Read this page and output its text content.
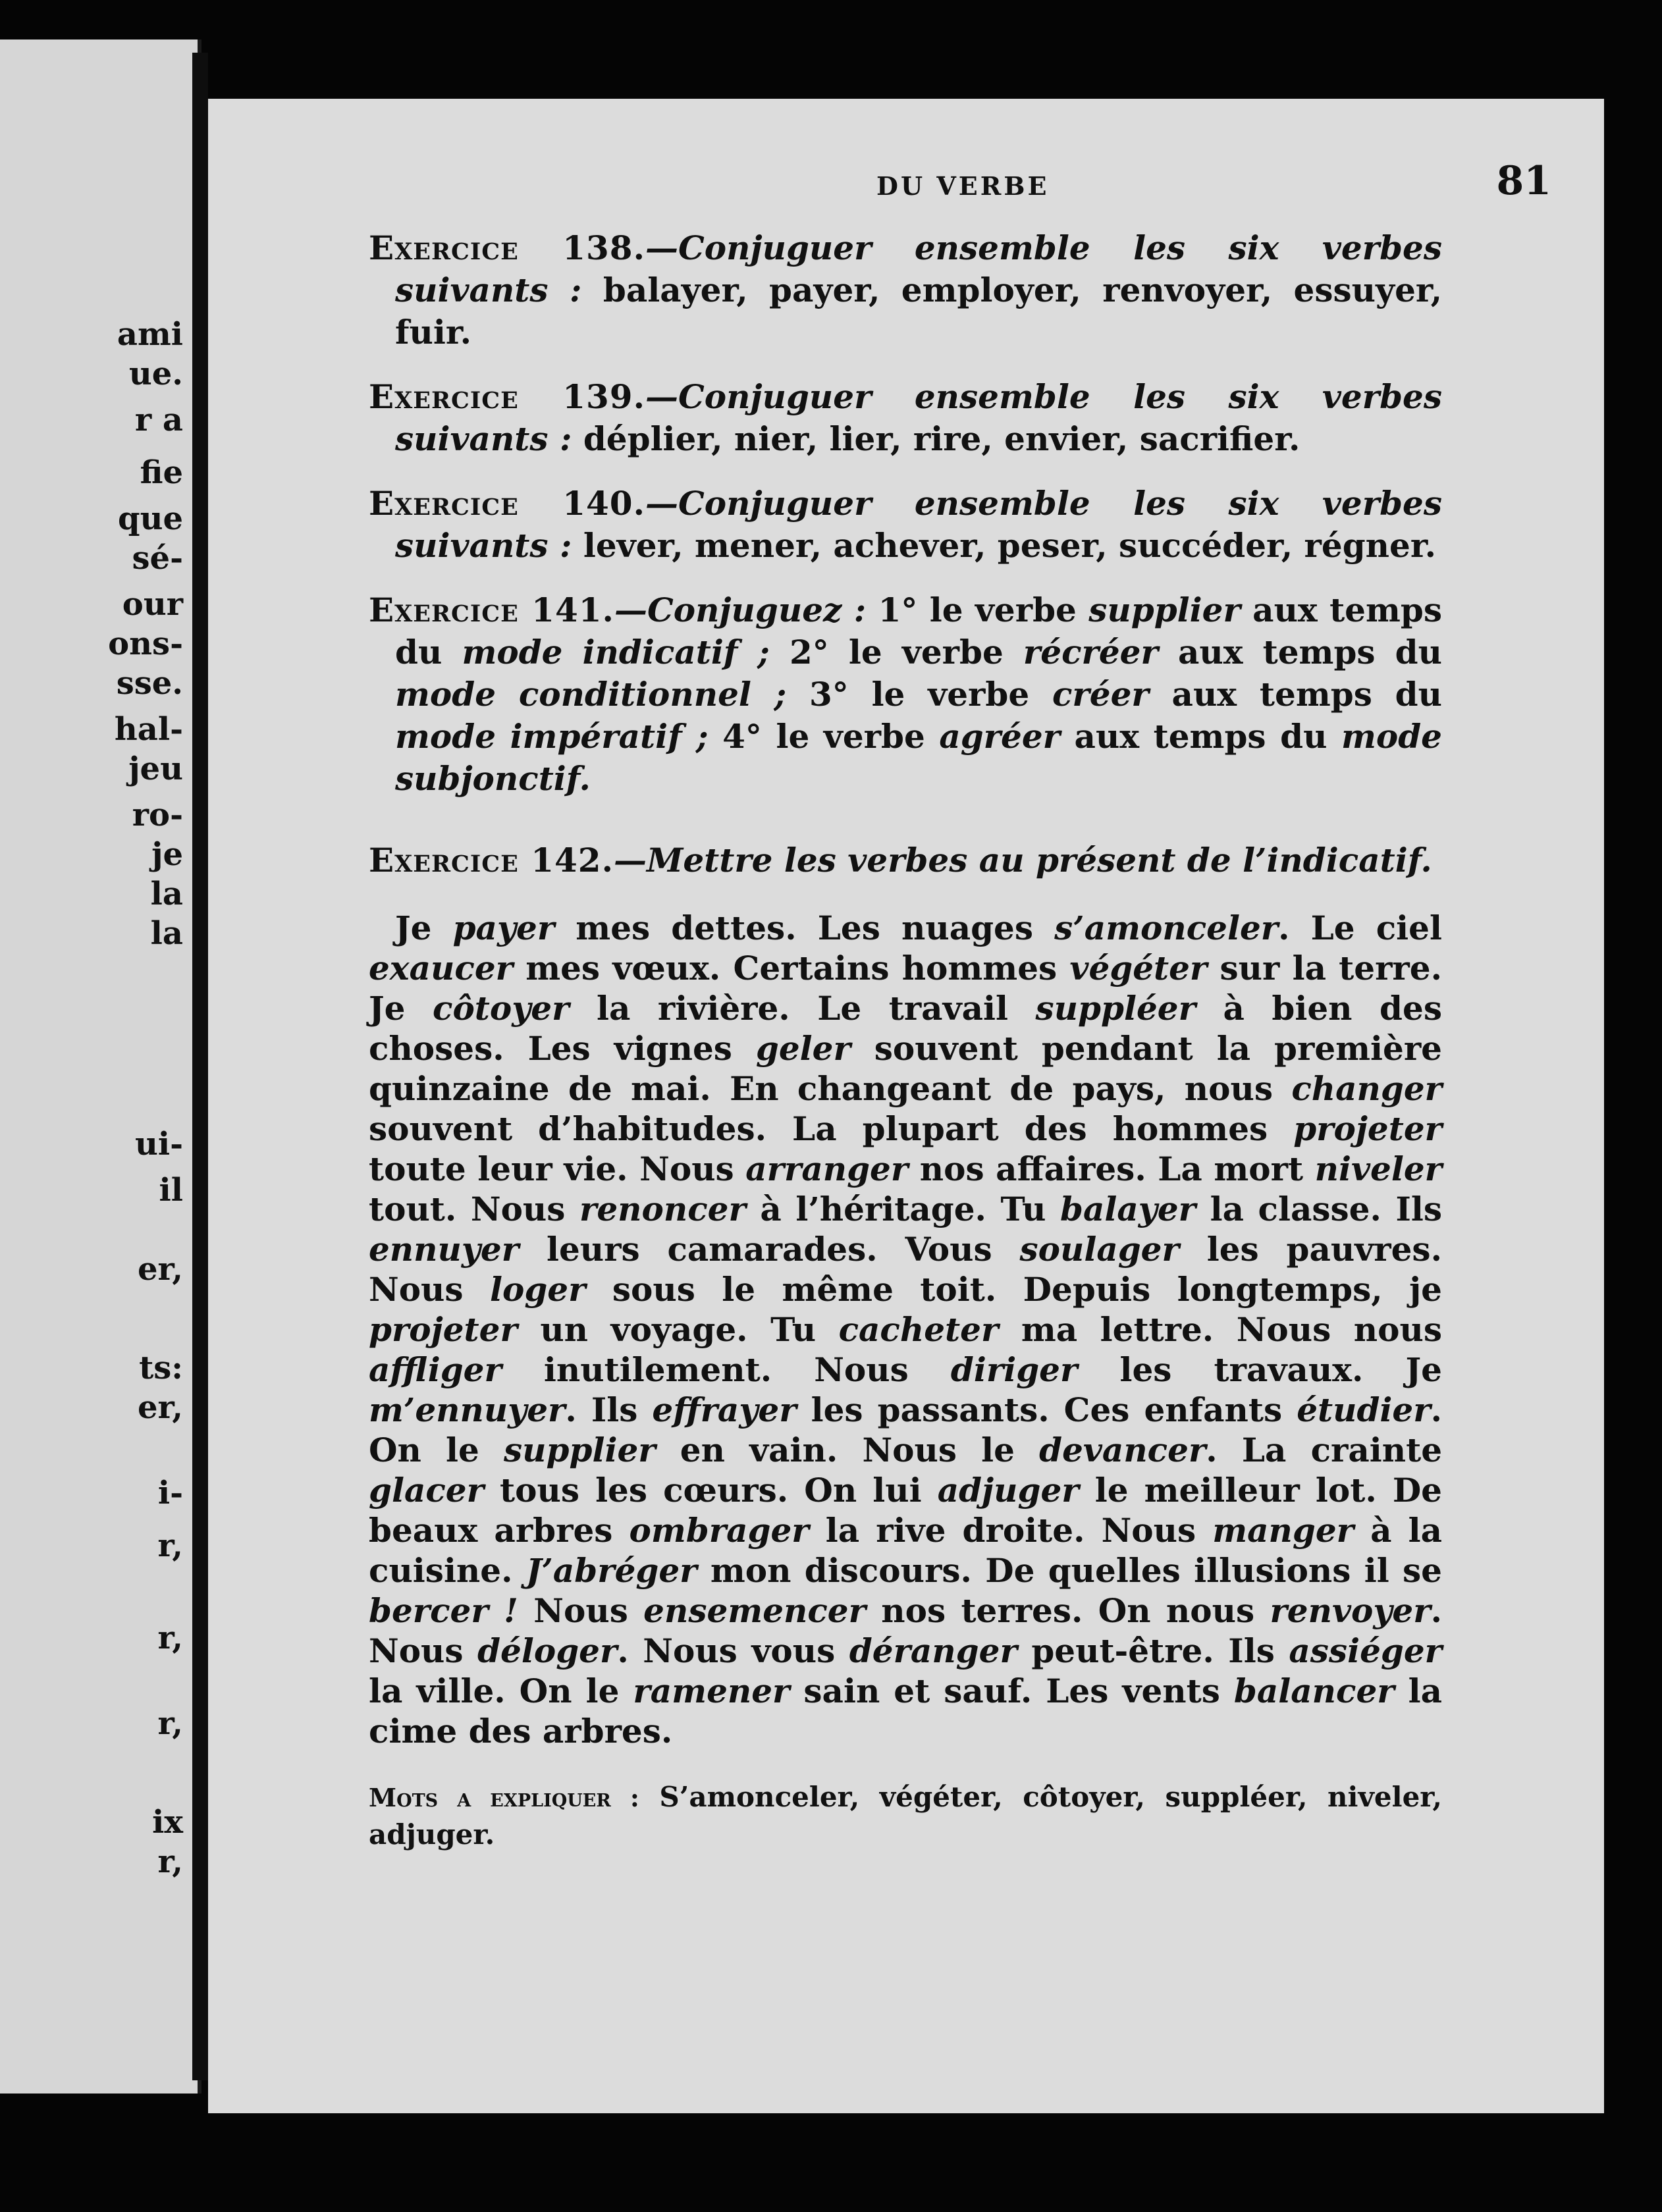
ami
ue.
r a
fie
que
sé-
our
ons-
sse.
hal-
jeu
ro-
je
la
la
ui-
il
er,
ts:
er,
i-
r,
r,
r,
ix
r,
DU VERBE	81

Exercice 138.—Conjuguer ensemble les six verbes suivants : balayer, payer, employer, renvoyer, essuyer, fuir.

Exercice 139.—Conjuguer ensemble les six verbes suivants : déplier, nier, lier, rire, envier, sacrifier.

Exercice 140.—Conjuguer ensemble les six verbes suivants : lever, mener, achever, peser, succéder, régner.

Exercice 141.—Conjuguez : 1° le verbe supplier aux temps du mode indicatif ; 2° le verbe récréer aux temps du mode conditionnel ; 3° le verbe créer aux temps du mode impératif ; 4° le verbe agréer aux temps du mode subjonctif.

Exercice 142.—Mettre les verbes au présent de l’indicatif.

Je payer mes dettes. Les nuages s’amonceler. Le ciel exaucer mes vœux. Certains hommes végéter sur la terre. Je côtoyer la rivière. Le travail suppléer à bien des choses. Les vignes geler souvent pendant la première quinzaine de mai. En changeant de pays, nous changer souvent d’habitudes. La plupart des hommes projeter toute leur vie. Nous arranger nos affaires. La mort niveler tout. Nous renoncer à l’héritage. Tu balayer la classe. Ils ennuyer leurs camarades. Vous soulager les pauvres. Nous loger sous le même toit. Depuis longtemps, je projeter un voyage. Tu cacheter ma lettre. Nous nous affliger inutilement. Nous diriger les travaux. Je m’ennuyer. Ils effrayer les passants. Ces enfants étudier. On le supplier en vain. Nous le devancer. La crainte glacer tous les cœurs. On lui adjuger le meilleur lot. De beaux arbres ombrager la rive droite. Nous manger à la cuisine. J’abréger mon discours. De quelles illusions il se bercer ! Nous ensemencer nos terres. On nous renvoyer. Nous déloger. Nous vous déranger peut-être. Ils assiéger la ville. On le ramener sain et sauf. Les vents balancer la cime des arbres.

Mots a expliquer : S’amonceler, végéter, côtoyer, suppléer, niveler, adjuger.
